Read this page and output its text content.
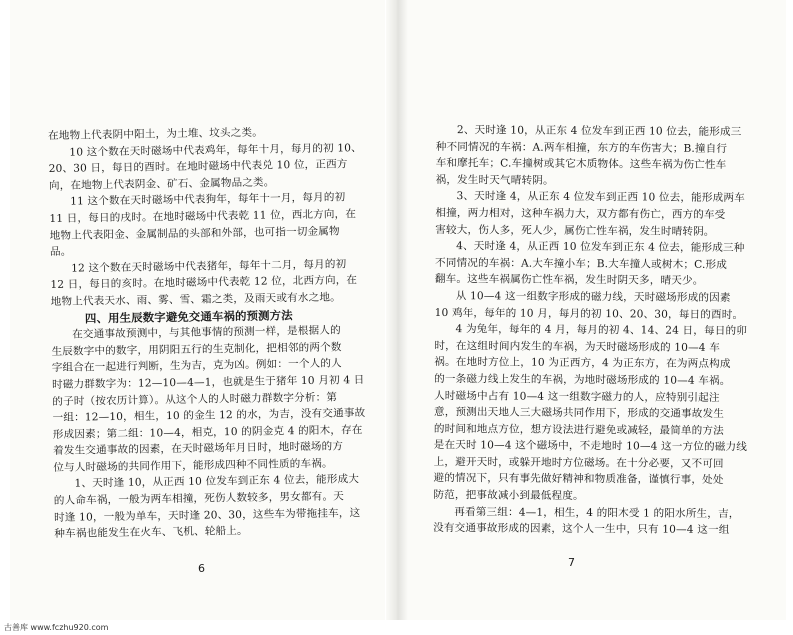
在地物上代表阴中阳土，为土堆、坟头之类。
10 这个数在天时磁场中代表鸡年，每年十月，每月的初 10、
20、30 日，每日的酉时。在地时磁场中代表兑 10 位，正西方
向，在地物上代表阴金、矿石、金属物品之类。
11 这个数在天时磁场中代表狗年，每年十一月，每月的初
11 日，每日的戌时。在地时磁场中代表乾 11 位，西北方向，在
地物上代表阳金、金属制品的头部和外部，也可指一切金属物
品。
12 这个数在天时磁场中代表猪年，每年十二月，每月的初
12 日，每日的亥时。在地时磁场中代表乾 12 位，北西方向，在
地物上代表天水、雨、雾、雪、霜之类，及雨天或有水之地。
四、用生辰数字避免交通车祸的预测方法
在交通事故预测中，与其他事情的预测一样，是根据人的
生辰数字中的数字，用阴阳五行的生克制化，把相邻的两个数
字组合在一起进行判断，生为吉，克为凶。例如：一个人的人
时磁力群数字为：12—10—4—1，也就是生于猪年 10 月初 4 日
的子时（按农历计算）。从这个人的人时磁力群数字分析：第
一组：12—10，相生，10 的金生 12 的水，为吉，没有交通事故
形成因素；第二组：10—4，相克，10 的阴金克 4 的阳木，存在
着发生交通事故的因素，在天时磁场年月日时，地时磁场的方
位与人时磁场的共同作用下，能形成四种不同性质的车祸。
1、天时逢 10，从正西 10 位发车到正东 4 位去，能形成大
的人命车祸，一般为两车相撞，死伤人数较多，男女都有。天
时逢 10，一般为单车，天时逢 20、30，这些车为带拖挂车，这
种车祸也能发生在火车、飞机、轮船上。
6
2、天时逢 10，从正东 4 位发车到正西 10 位去，能形成三
种不同情况的车祸：A.两车相撞，东方的车伤害大；B.撞自行
车和摩托车；C.车撞树或其它木质物体。这些车祸为伤亡性车
祸，发生时天气晴转阴。
3、天时逢 4，从正东 4 位发车到正西 10 位去，能形成两车
相撞，两力相对，这种车祸力大，双方都有伤亡，西方的车受
害较大，伤人多，死人少，属伤亡性车祸，发生时晴转阴。
4、天时逢 4，从正西 10 位发车到正东 4 位去，能形成三种
不同情况的车祸：A.大车撞小车；B.大车撞人或树木；C.形成
翻车。这些车祸属伤亡性车祸，发生时阴天多，晴天少。
从 10—4 这一组数字形成的磁力线，天时磁场形成的因素
10 鸡年，每年的 10 月，每月的初 10、20、30，每日的酉时。
4 为兔年，每年的 4 月，每月的初 4、14、24 日，每日的卯
时，在这组时间内发生的车祸，为天时磁场形成的 10—4 车
祸。在地时方位上，10 为正西方，4 为正东方，在为两点构成
的一条磁力线上发生的车祸，为地时磁场形成的 10—4 车祸。
人时磁场中占有 10—4 这一组数字磁力的人，应特别引起注
意，预测出天地人三大磁场共同作用下，形成的交通事故发生
的时间和地点方位，想方设法进行避免或减轻，最简单的方法
是在天时 10—4 这个磁场中，不走地时 10—4 这一方位的磁力线
上，避开天时，或躲开地时方位磁场。在十分必要，又不可回
避的情况下，只有事先做好精神和物质准备，谨慎行事，处处
防范，把事故减小到最低程度。
再看第三组：4—1，相生，4 的阳木受 1 的阳水所生，吉，
没有交通事故形成的因素，这个人一生中，只有 10—4 这一组
7
古善库 www.fczhu920.com
